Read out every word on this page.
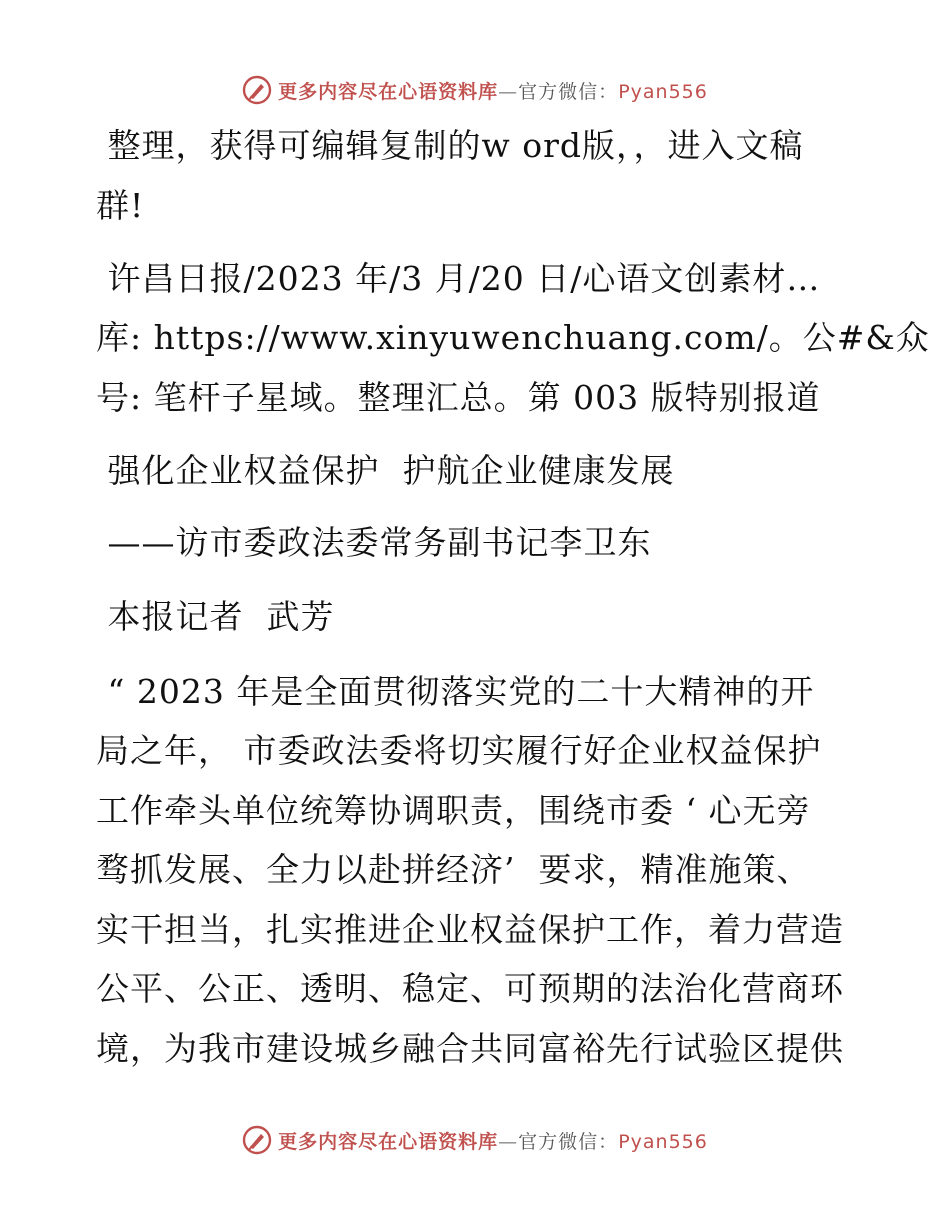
更多内容尽在心语资料库—官方微信：Pyan556
整理，获得可编辑复制的w ord版，，进入文稿
群!
许昌日报/2023 年/3 月/20 日/心语文创素材…
库: https://www.xinyuwenchuang.com/。公#&众
号: 笔杆子星域。整理汇总。第 003 版特别报道
强化企业权益保护  护航企业健康发展
——访市委政法委常务副书记李卫东
本报记者  武芳
“ 2023 年是全面贯彻落实党的二十大精神的开
局之年， 市委政法委将切实履行好企业权益保护
工作牵头单位统筹协调职责，围绕市委 ‘ 心无旁
骛抓发展、全力以赴拼经济’  要求，精准施策、
实干担当，扎实推进企业权益保护工作，着力营造
公平、公正、透明、稳定、可预期的法治化营商环
境，为我市建设城乡融合共同富裕先行试验区提供
更多内容尽在心语资料库—官方微信：Pyan556
